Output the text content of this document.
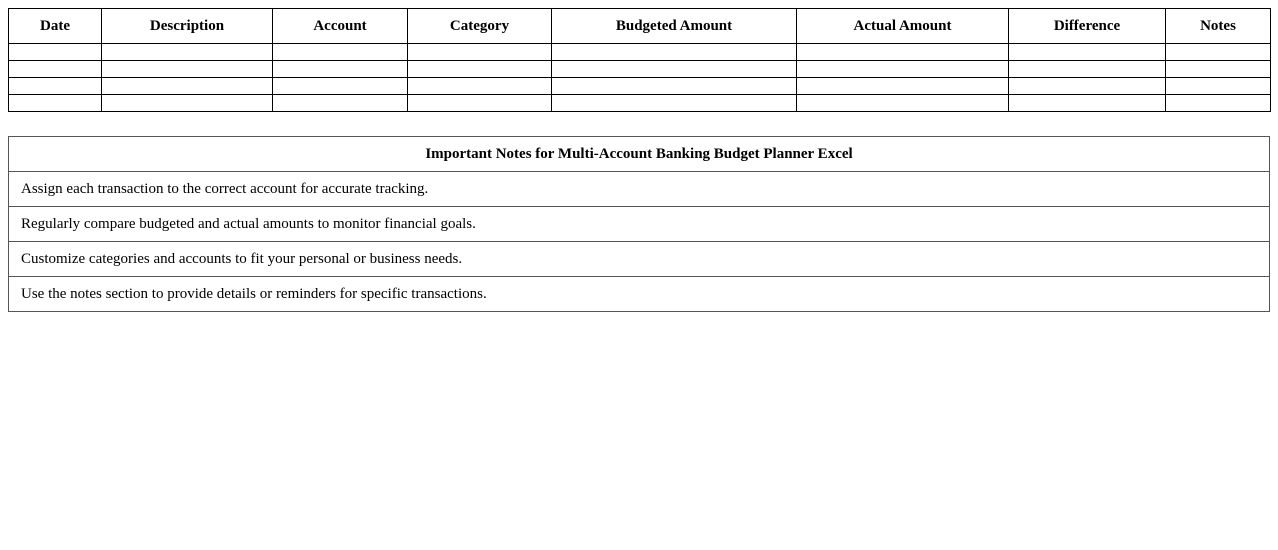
Date	Description	Account	Category	Budgeted Amount	Actual Amount	Difference	Notes

Important Notes for Multi-Account Banking Budget Planner Excel
Assign each transaction to the correct account for accurate tracking.
Regularly compare budgeted and actual amounts to monitor financial goals.
Customize categories and accounts to fit your personal or business needs.
Use the notes section to provide details or reminders for specific transactions.
